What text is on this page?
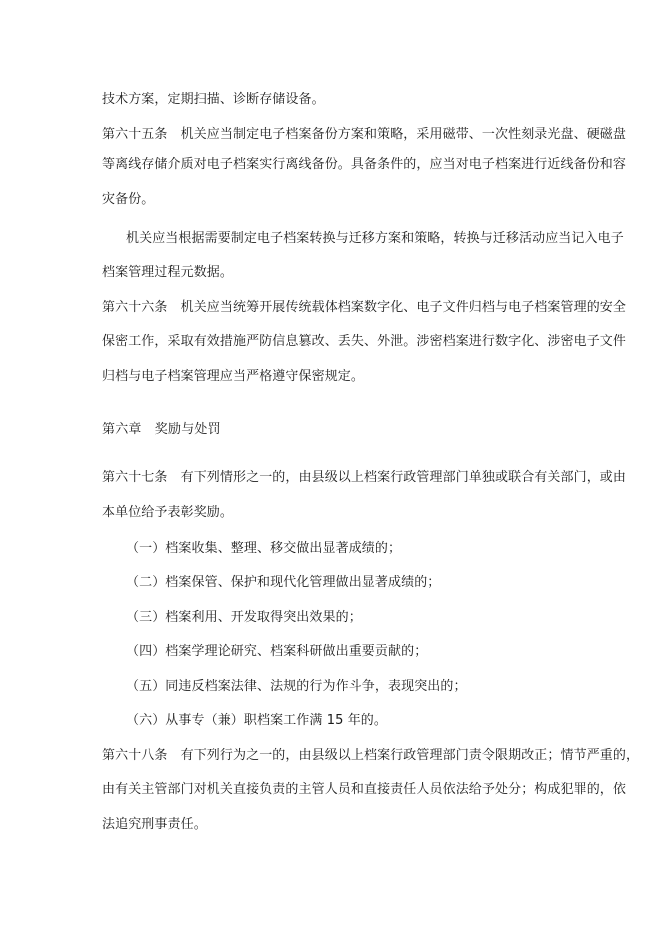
技术方案，定期扫描、诊断存储设备。
第六十五条　机关应当制定电子档案备份方案和策略，采用磁带、一次性刻录光盘、硬磁盘
等离线存储介质对电子档案实行离线备份。具备条件的，应当对电子档案进行近线备份和容
灾备份。
机关应当根据需要制定电子档案转换与迁移方案和策略，转换与迁移活动应当记入电子
档案管理过程元数据。
第六十六条　机关应当统筹开展传统载体档案数字化、电子文件归档与电子档案管理的安全
保密工作，采取有效措施严防信息篡改、丢失、外泄。涉密档案进行数字化、涉密电子文件
归档与电子档案管理应当严格遵守保密规定。
第六章　奖励与处罚
第六十七条　有下列情形之一的，由县级以上档案行政管理部门单独或联合有关部门，或由
本单位给予表彰奖励。
（一）档案收集、整理、移交做出显著成绩的；
（二）档案保管、保护和现代化管理做出显著成绩的；
（三）档案利用、开发取得突出效果的；
（四）档案学理论研究、档案科研做出重要贡献的；
（五）同违反档案法律、法规的行为作斗争，表现突出的；
（六）从事专（兼）职档案工作满 15 年的。
第六十八条　有下列行为之一的，由县级以上档案行政管理部门责令限期改正；情节严重的，
由有关主管部门对机关直接负责的主管人员和直接责任人员依法给予处分；构成犯罪的，依
法追究刑事责任。
